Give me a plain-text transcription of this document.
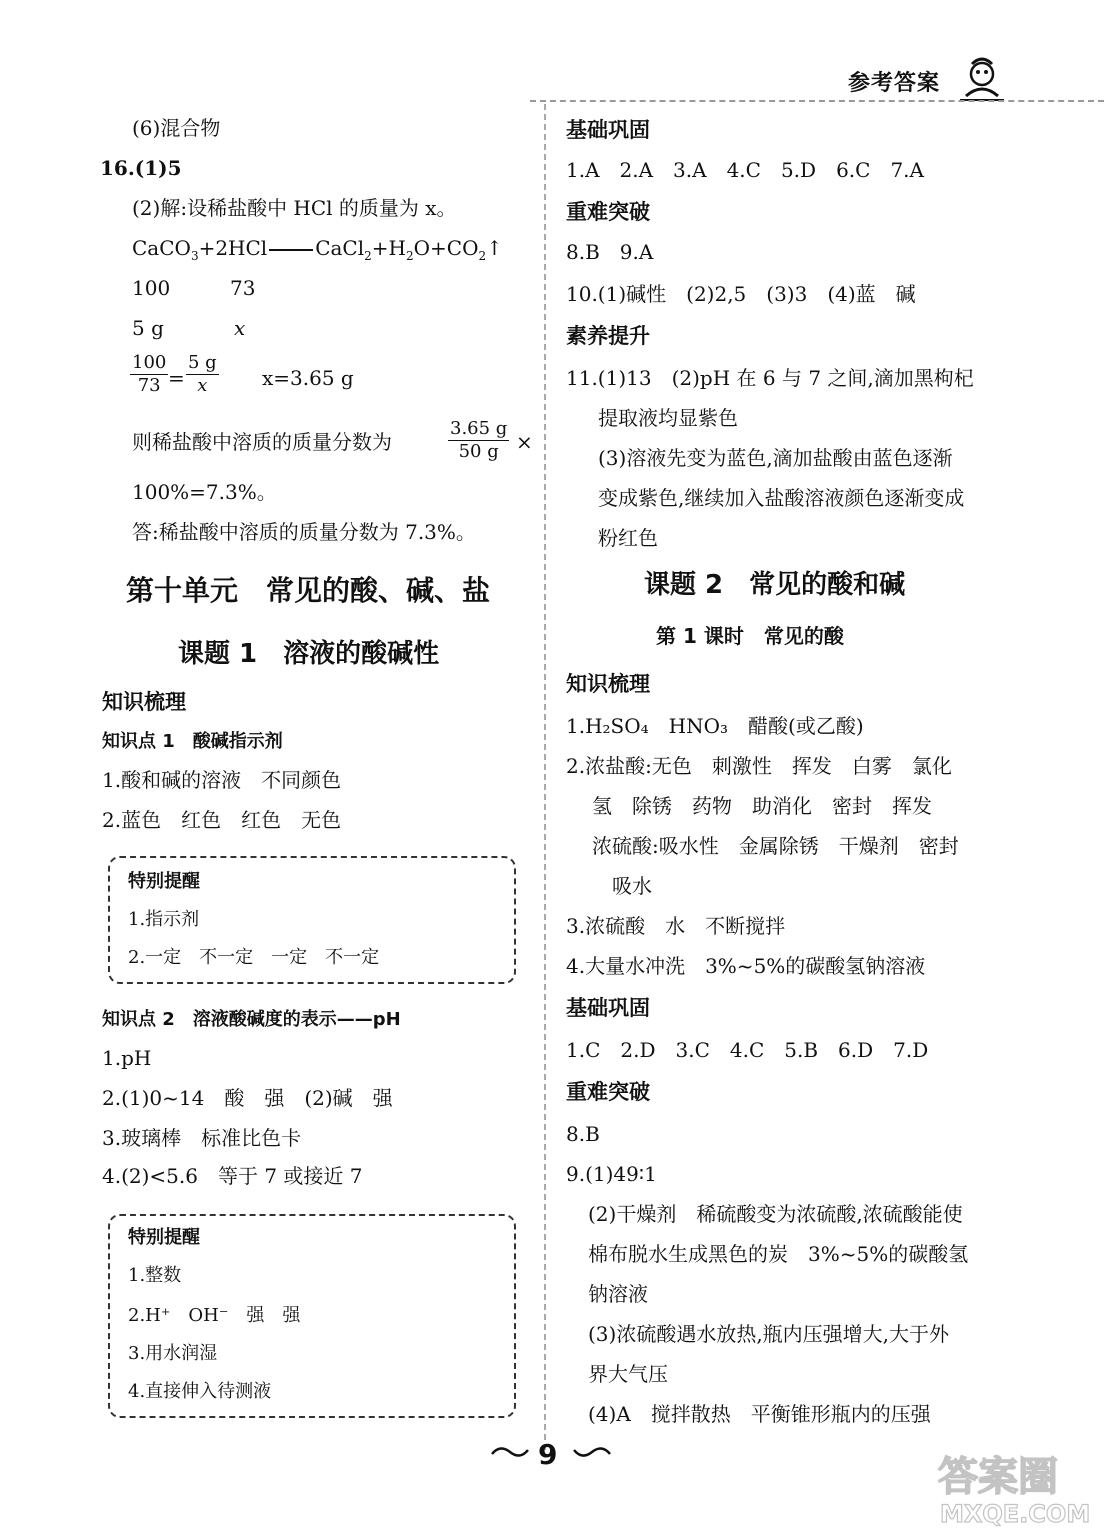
参考答案
(6)混合物
16.(1)5
(2)解:设稀盐酸中 HCl 的质量为 x。
CaCO$_3$+2HCl $CaCl_2+H_2O+CO_2↑$
100	73
5 g	x
$\frac{100}{73} = \frac{5 g}{x} x=3.65$ g
则稀盐酸中溶质的质量分数为	$\frac{3.65 g}{50 g}$ ×
100%=7.3%。
答:稀盐酸中溶质的质量分数为 7.3%。
第十单元　常见的酸、碱、盐
课题 1　溶液的酸碱性
知识梳理
知识点 1　酸碱指示剂
1.酸和碱的溶液　不同颜色
2.蓝色　红色　红色　无色
特别提醒
1.指示剂
2.一定　不一定　一定　不一定
知识点 2　溶液酸碱度的表示——pH
1.pH
2.(1)0~14　酸　强　(2)碱　强
3.玻璃棒　标准比色卡
4.(2)<5.6　等于 7 或接近 7
特别提醒
1.整数
2.H⁺　OH⁻　强　强
3.用水润湿
4.直接伸入待测液
基础巩固
1.A　2.A　3.A　4.C　5.D　6.C　7.A
重难突破
8.B　9.A
10.(1)碱性　(2)2,5　(3)3　(4)蓝　碱
素养提升
11.(1)13　(2)pH 在 6 与 7 之间,滴加黑枸杞
提取液均显紫色
(3)溶液先变为蓝色,滴加盐酸由蓝色逐渐
变成紫色,继续加入盐酸溶液颜色逐渐变成
粉红色
课题 2　常见的酸和碱
第 1 课时　常见的酸
知识梳理
1.H₂SO₄　HNO₃　醋酸(或乙酸)
2.浓盐酸:无色　刺激性　挥发　白雾　氯化
氢　除锈　药物　助消化　密封　挥发
浓硫酸:吸水性　金属除锈　干燥剂　密封
吸水
3.浓硫酸　水　不断搅拌
4.大量水冲洗　3%~5%的碳酸氢钠溶液
基础巩固
1.C　2.D　3.C　4.C　5.B　6.D　7.D
重难突破
8.B
9.(1)49∶1
(2)干燥剂　稀硫酸变为浓硫酸,浓硫酸能使
棉布脱水生成黑色的炭　3%~5%的碳酸氢
钠溶液
(3)浓硫酸遇水放热,瓶内压强增大,大于外
界大气压
(4)A　搅拌散热　平衡锥形瓶内的压强
9	答案圈
MXQE.COM
